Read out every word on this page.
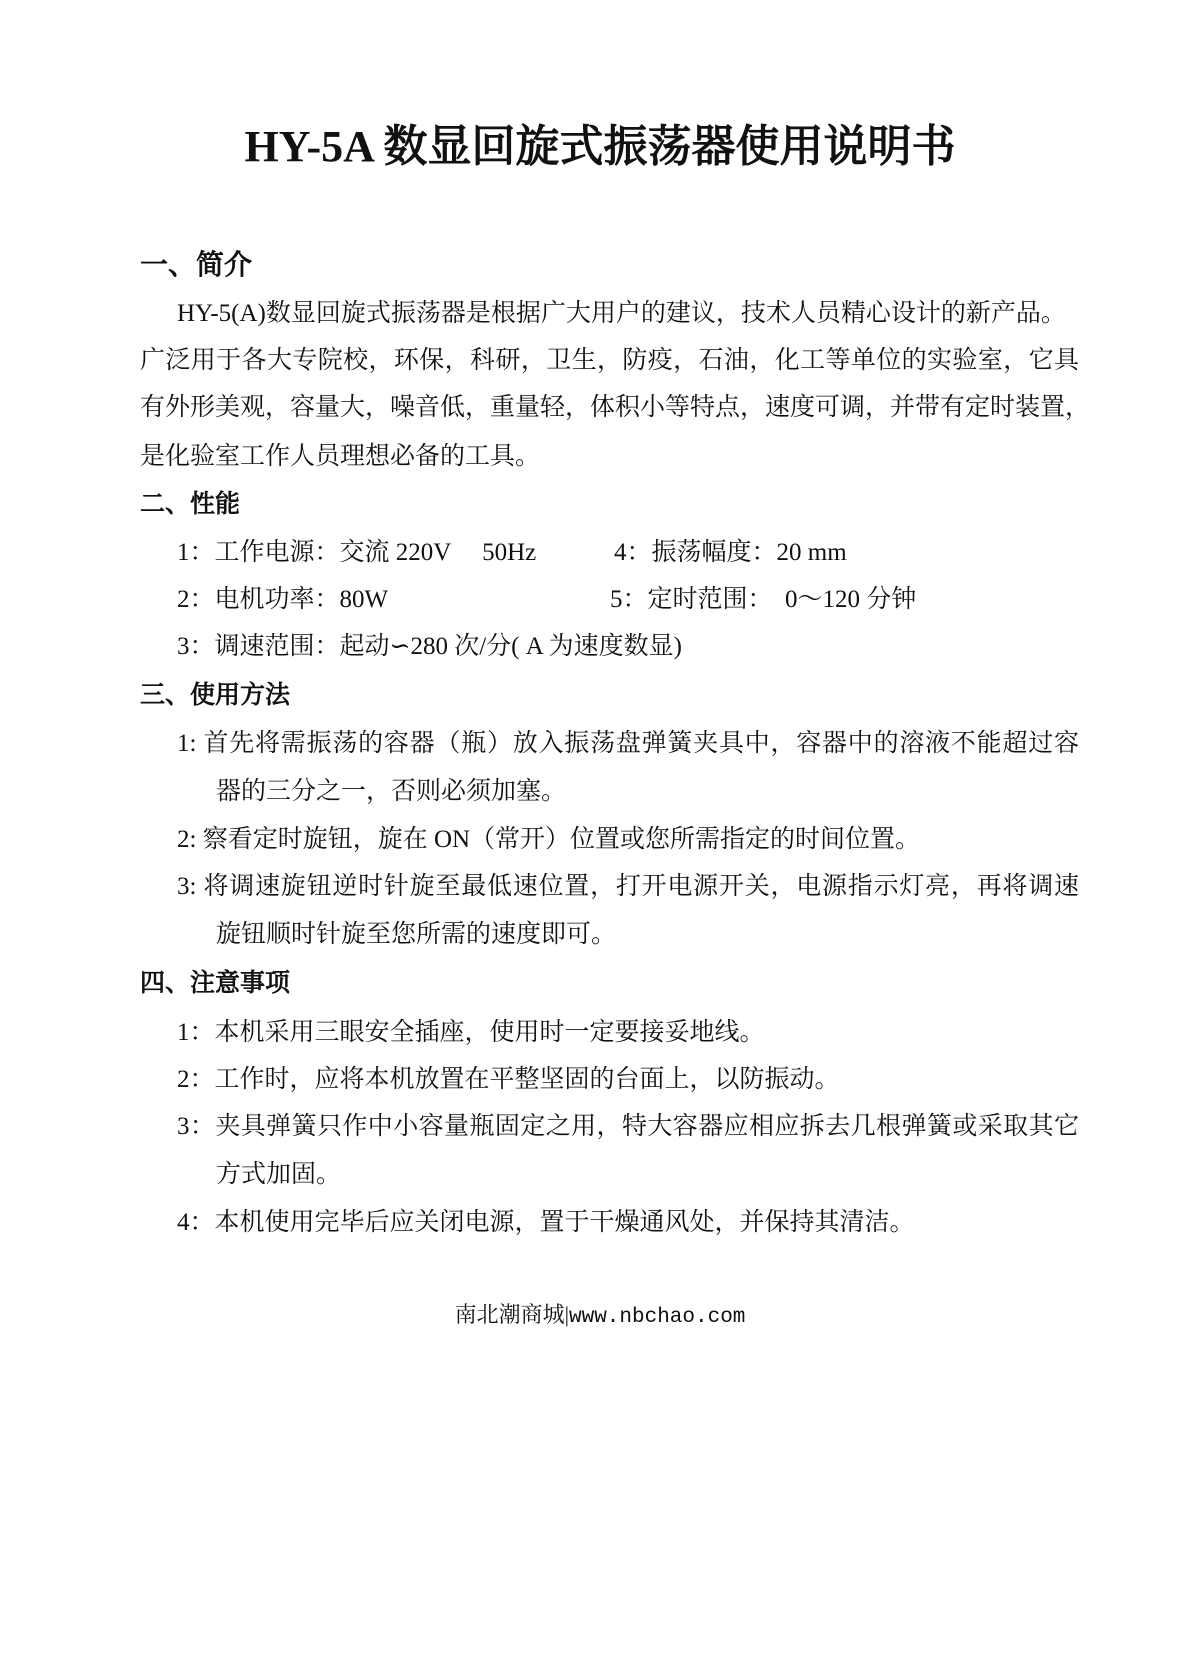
HY-5A 数显回旋式振荡器使用说明书
一、简介
HY-5(A)数显回旋式振荡器是根据广大用户的建议，技术人员精心设计的新产品。
广泛用于各大专院校，环保，科研，卫生，防疫，石油，化工等单位的实验室，它具
有外形美观，容量大，噪音低，重量轻，体积小等特点，速度可调，并带有定时装置，
是化验室工作人员理想必备的工具。
二、性能
1：工作电源：交流 220V     50Hz	4：振荡幅度：20 mm
2：电机功率：80W	5：定时范围：  0～120 分钟
3：调速范围：起动∽280 次/分( A 为速度数显)
三、使用方法
1: 首先将需振荡的容器（瓶）放入振荡盘弹簧夹具中，容器中的溶液不能超过容
器的三分之一，否则必须加塞。
2: 察看定时旋钮，旋在 ON（常开）位置或您所需指定的时间位置。
3: 将调速旋钮逆时针旋至最低速位置，打开电源开关，电源指示灯亮，再将调速
旋钮顺时针旋至您所需的速度即可。
四、注意事项
1：本机采用三眼安全插座，使用时一定要接妥地线。
2：工作时，应将本机放置在平整坚固的台面上，以防振动。
3：夹具弹簧只作中小容量瓶固定之用，特大容器应相应拆去几根弹簧或采取其它
方式加固。
4：本机使用完毕后应关闭电源，置于干燥通风处，并保持其清洁。
南北潮商城|www.nbchao.com
